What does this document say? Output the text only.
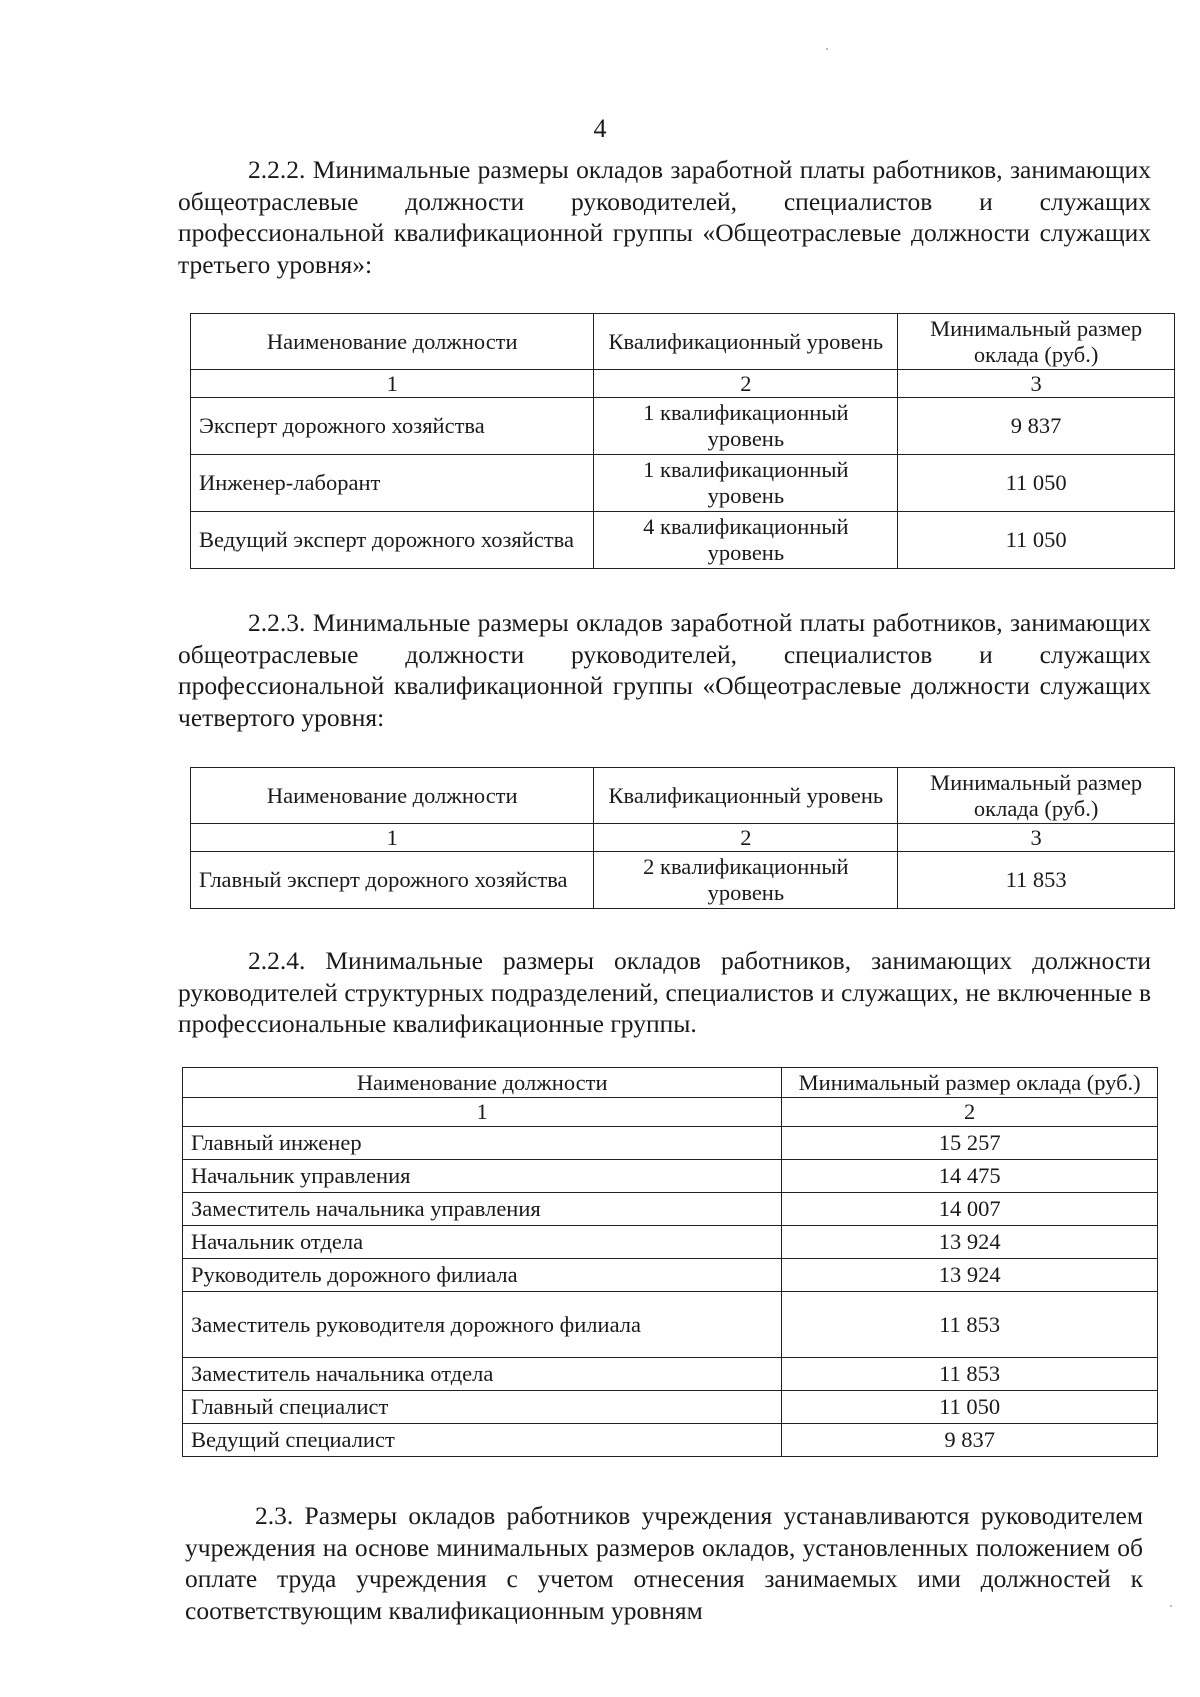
4

2.2.2. Минимальные размеры окладов заработной платы работников, занимающих общеотраслевые должности руководителей, специалистов и служащих профессиональной квалификационной группы «Общеотраслевые должности служащих третьего уровня»:

Наименование должности	Квалификационный уровень	Минимальный размер оклада (руб.)
1	2	3
Эксперт дорожного хозяйства	1 квалификационный уровень	9 837
Инженер-лаборант	1 квалификационный уровень	11 050
Ведущий эксперт дорожного хозяйства	4 квалификационный уровень	11 050

2.2.3. Минимальные размеры окладов заработной платы работников, занимающих общеотраслевые должности руководителей, специалистов и служащих профессиональной квалификационной группы «Общеотраслевые должности служащих четвертого уровня:

Наименование должности	Квалификационный уровень	Минимальный размер оклада (руб.)
1	2	3
Главный эксперт дорожного хозяйства	2 квалификационный уровень	11 853

2.2.4. Минимальные размеры окладов работников, занимающих должности руководителей структурных подразделений, специалистов и служащих, не включенные в профессиональные квалификационные группы.

Наименование должности	Минимальный размер оклада (руб.)
1	2
Главный инженер	15 257
Начальник управления	14 475
Заместитель начальника управления	14 007
Начальник отдела	13 924
Руководитель дорожного филиала	13 924
Заместитель руководителя дорожного филиала	11 853
Заместитель начальника отдела	11 853
Главный специалист	11 050
Ведущий специалист	9 837

2.3. Размеры окладов работников учреждения устанавливаются руководителем учреждения на основе минимальных размеров окладов, установленных положением об оплате труда учреждения с учетом отнесения занимаемых ими должностей к соответствующим квалификационным уровням
